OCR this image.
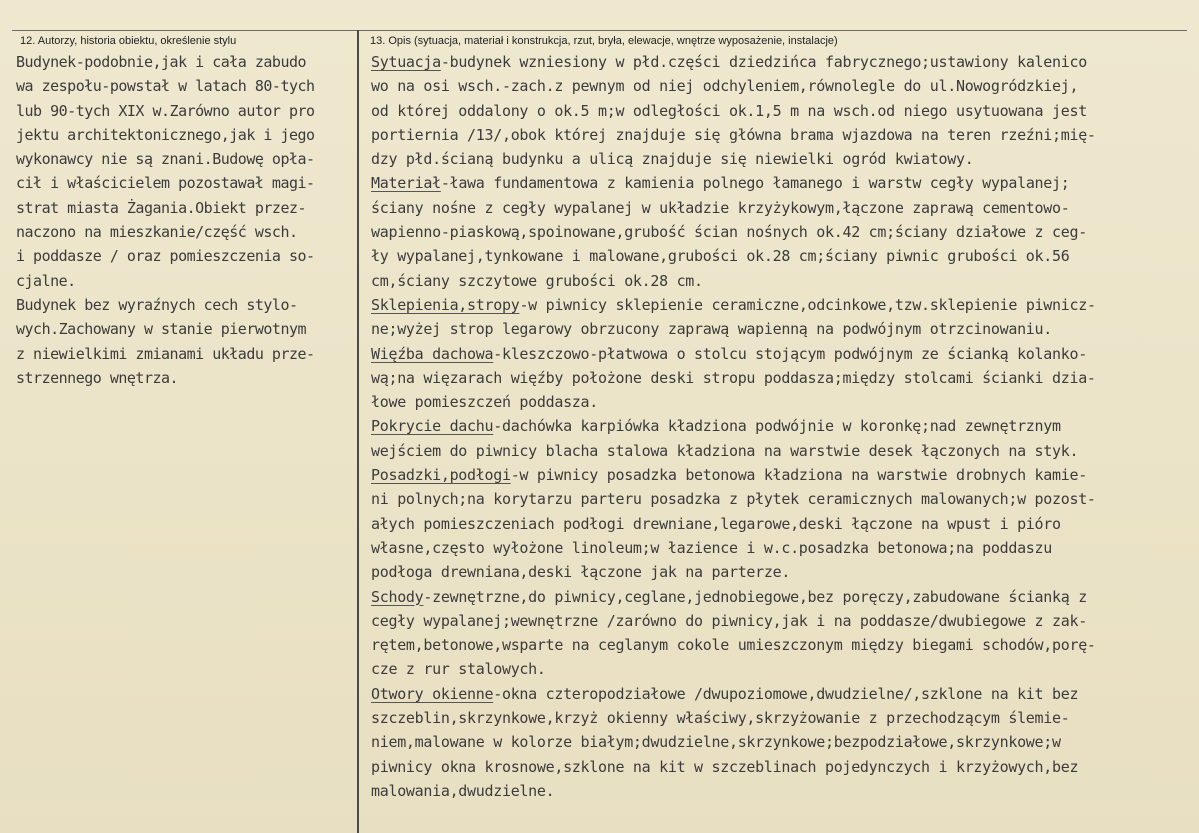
12. Autorzy, historia obiektu, określenie stylu	13. Opis (sytuacja, materiał i konstrukcja, rzut, bryła, elewacje, wnętrze wyposażenie, instalacje)
Budynek-podobnie,jak i cała zabudo
wa zespołu-powstał w latach 80-tych
lub 90-tych XIX w.Zarówno autor pro
jektu architektonicznego,jak i jego
wykonawcy nie są znani.Budowę opła-
cił i właścicielem pozostawał magi-
strat miasta Żagania.Obiekt przez-
naczono na mieszkanie/część wsch.
i poddasze / oraz pomieszczenia so-
cjalne.
Budynek bez wyraźnych cech stylo-
wych.Zachowany w stanie pierwotnym
z niewielkimi zmianami układu prze-
strzennego wnętrza.
Sytuacja-budynek wzniesiony w płd.części dziedzińca fabrycznego;ustawiony kalenico
wo na osi wsch.-zach.z pewnym od niej odchyleniem,równolegle do ul.Nowogródzkiej,
od której oddalony o ok.5 m;w odległości ok.1,5 m na wsch.od niego usytuowana jest
portiernia /13/,obok której znajduje się główna brama wjazdowa na teren rzeźni;mię-
dzy płd.ścianą budynku a ulicą znajduje się niewielki ogród kwiatowy.
Materiał-ława fundamentowa z kamienia polnego łamanego i warstw cegły wypalanej;
ściany nośne z cegły wypalanej w układzie krzyżykowym,łączone zaprawą cementowo-
wapienno-piaskową,spoinowane,grubość ścian nośnych ok.42 cm;ściany działowe z ceg-
ły wypalanej,tynkowane i malowane,grubości ok.28 cm;ściany piwnic grubości ok.56
cm,ściany szczytowe grubości ok.28 cm.
Sklepienia,stropy-w piwnicy sklepienie ceramiczne,odcinkowe,tzw.sklepienie piwnicz-
ne;wyżej strop legarowy obrzucony zaprawą wapienną na podwójnym otrzcinowaniu.
Więźba dachowa-kleszczowo-płatwowa o stolcu stojącym podwójnym ze ścianką kolanko-
wą;na więzarach więźby położone deski stropu poddasza;między stolcami ścianki dzia-
łowe pomieszczeń poddasza.
Pokrycie dachu-dachówka karpiówka kładziona podwójnie w koronkę;nad zewnętrznym
wejściem do piwnicy blacha stalowa kładziona na warstwie desek łączonych na styk.
Posadzki,podłogi-w piwnicy posadzka betonowa kładziona na warstwie drobnych kamie-
ni polnych;na korytarzu parteru posadzka z płytek ceramicznych malowanych;w pozost-
ałych pomieszczeniach podłogi drewniane,legarowe,deski łączone na wpust i pióro
własne,często wyłożone linoleum;w łazience i w.c.posadzka betonowa;na poddaszu
podłoga drewniana,deski łączone jak na parterze.
Schody-zewnętrzne,do piwnicy,ceglane,jednobiegowe,bez poręczy,zabudowane ścianką z
cegły wypalanej;wewnętrzne /zarówno do piwnicy,jak i na poddasze/dwubiegowe z zak-
rętem,betonowe,wsparte na ceglanym cokole umieszczonym między biegami schodów,porę-
cze z rur stalowych.
Otwory okienne-okna czteropodziałowe /dwupoziomowe,dwudzielne/,szklone na kit bez
szczeblin,skrzynkowe,krzyż okienny właściwy,skrzyżowanie z przechodzącym ślemie-
niem,malowane w kolorze białym;dwudzielne,skrzynkowe;bezpodziałowe,skrzynkowe;w
piwnicy okna krosnowe,szklone na kit w szczeblinach pojedynczych i krzyżowych,bez
malowania,dwudzielne.
